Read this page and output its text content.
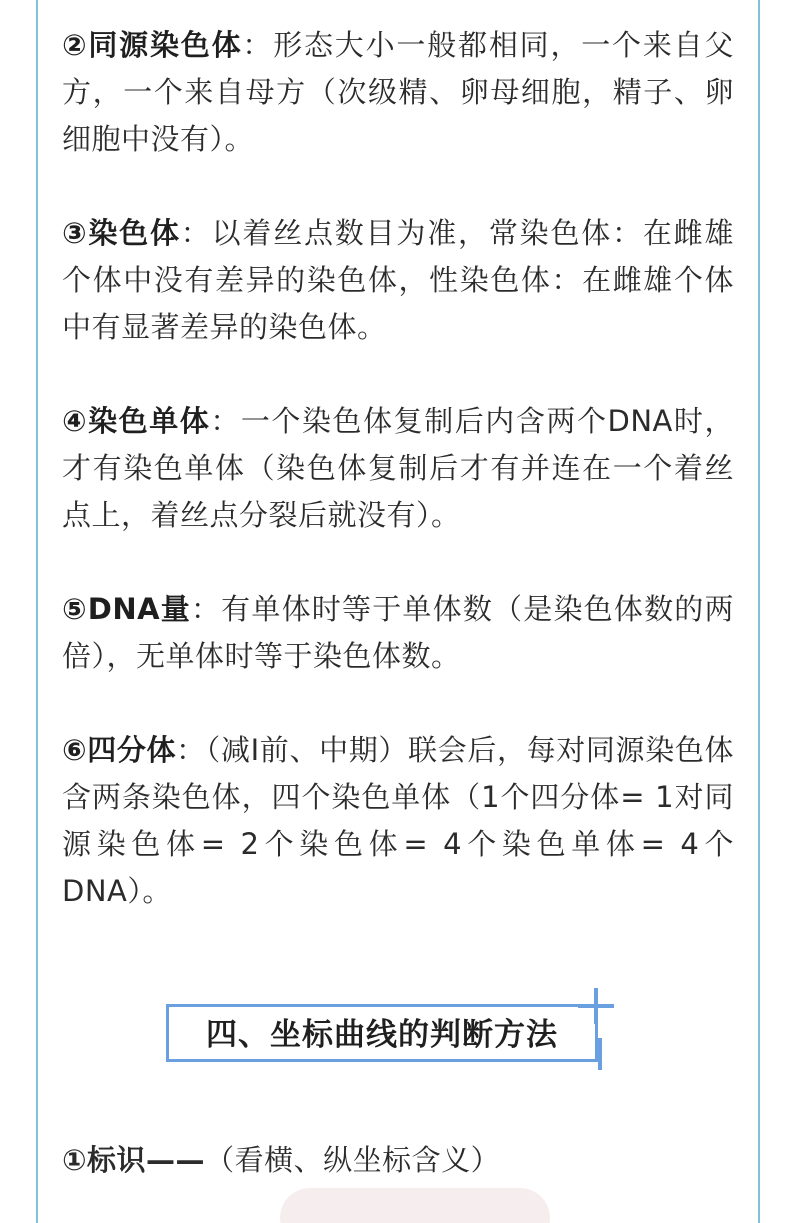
②同源染色体：形态大小一般都相同，一个来自父方，一个来自母方（次级精、卵母细胞，精子、卵细胞中没有）。

③染色体：以着丝点数目为准，常染色体：在雌雄个体中没有差异的染色体，性染色体：在雌雄个体中有显著差异的染色体。

④染色单体：一个染色体复制后内含两个DNA时，才有染色单体（染色体复制后才有并连在一个着丝点上，着丝点分裂后就没有）。

⑤DNA量：有单体时等于单体数（是染色体数的两倍），无单体时等于染色体数。

⑥四分体：（减I前、中期）联会后，每对同源染色体含两条染色体，四个染色单体（1个四分体= 1对同源染色体= 2个染色体= 4个染色单体= 4个DNA）。

四、坐标曲线的判断方法
①标识——（看横、纵坐标含义）
